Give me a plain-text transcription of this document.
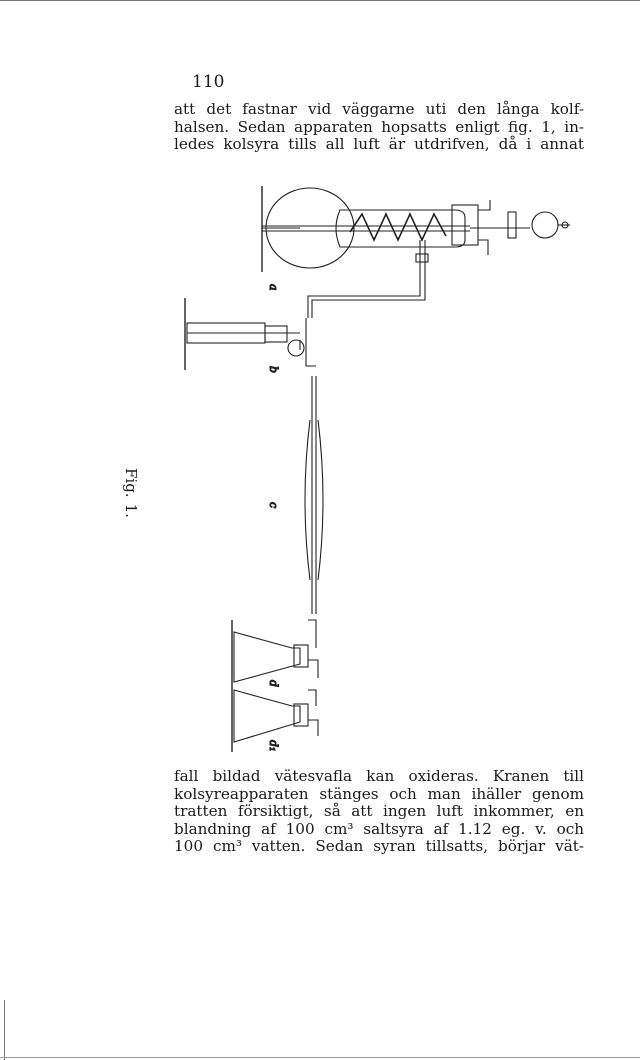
110
att det fastnar vid väggarne uti den långa kolf-
halsen. Sedan apparaten hopsatts enligt fig. 1, in-
ledes kolsyra tills all luft är utdrifven, då i annat
Fig.1.
a
b
c
d
d₁
fall bildad vätesvafla kan oxideras. Kranen till
kolsyreapparaten stänges och man ihäller genom
tratten försiktigt, så att ingen luft inkommer, en
blandning af 100 cm³ saltsyra af 1.12 eg. v. och
100 cm³ vatten. Sedan syran tillsatts, börjar vät-
